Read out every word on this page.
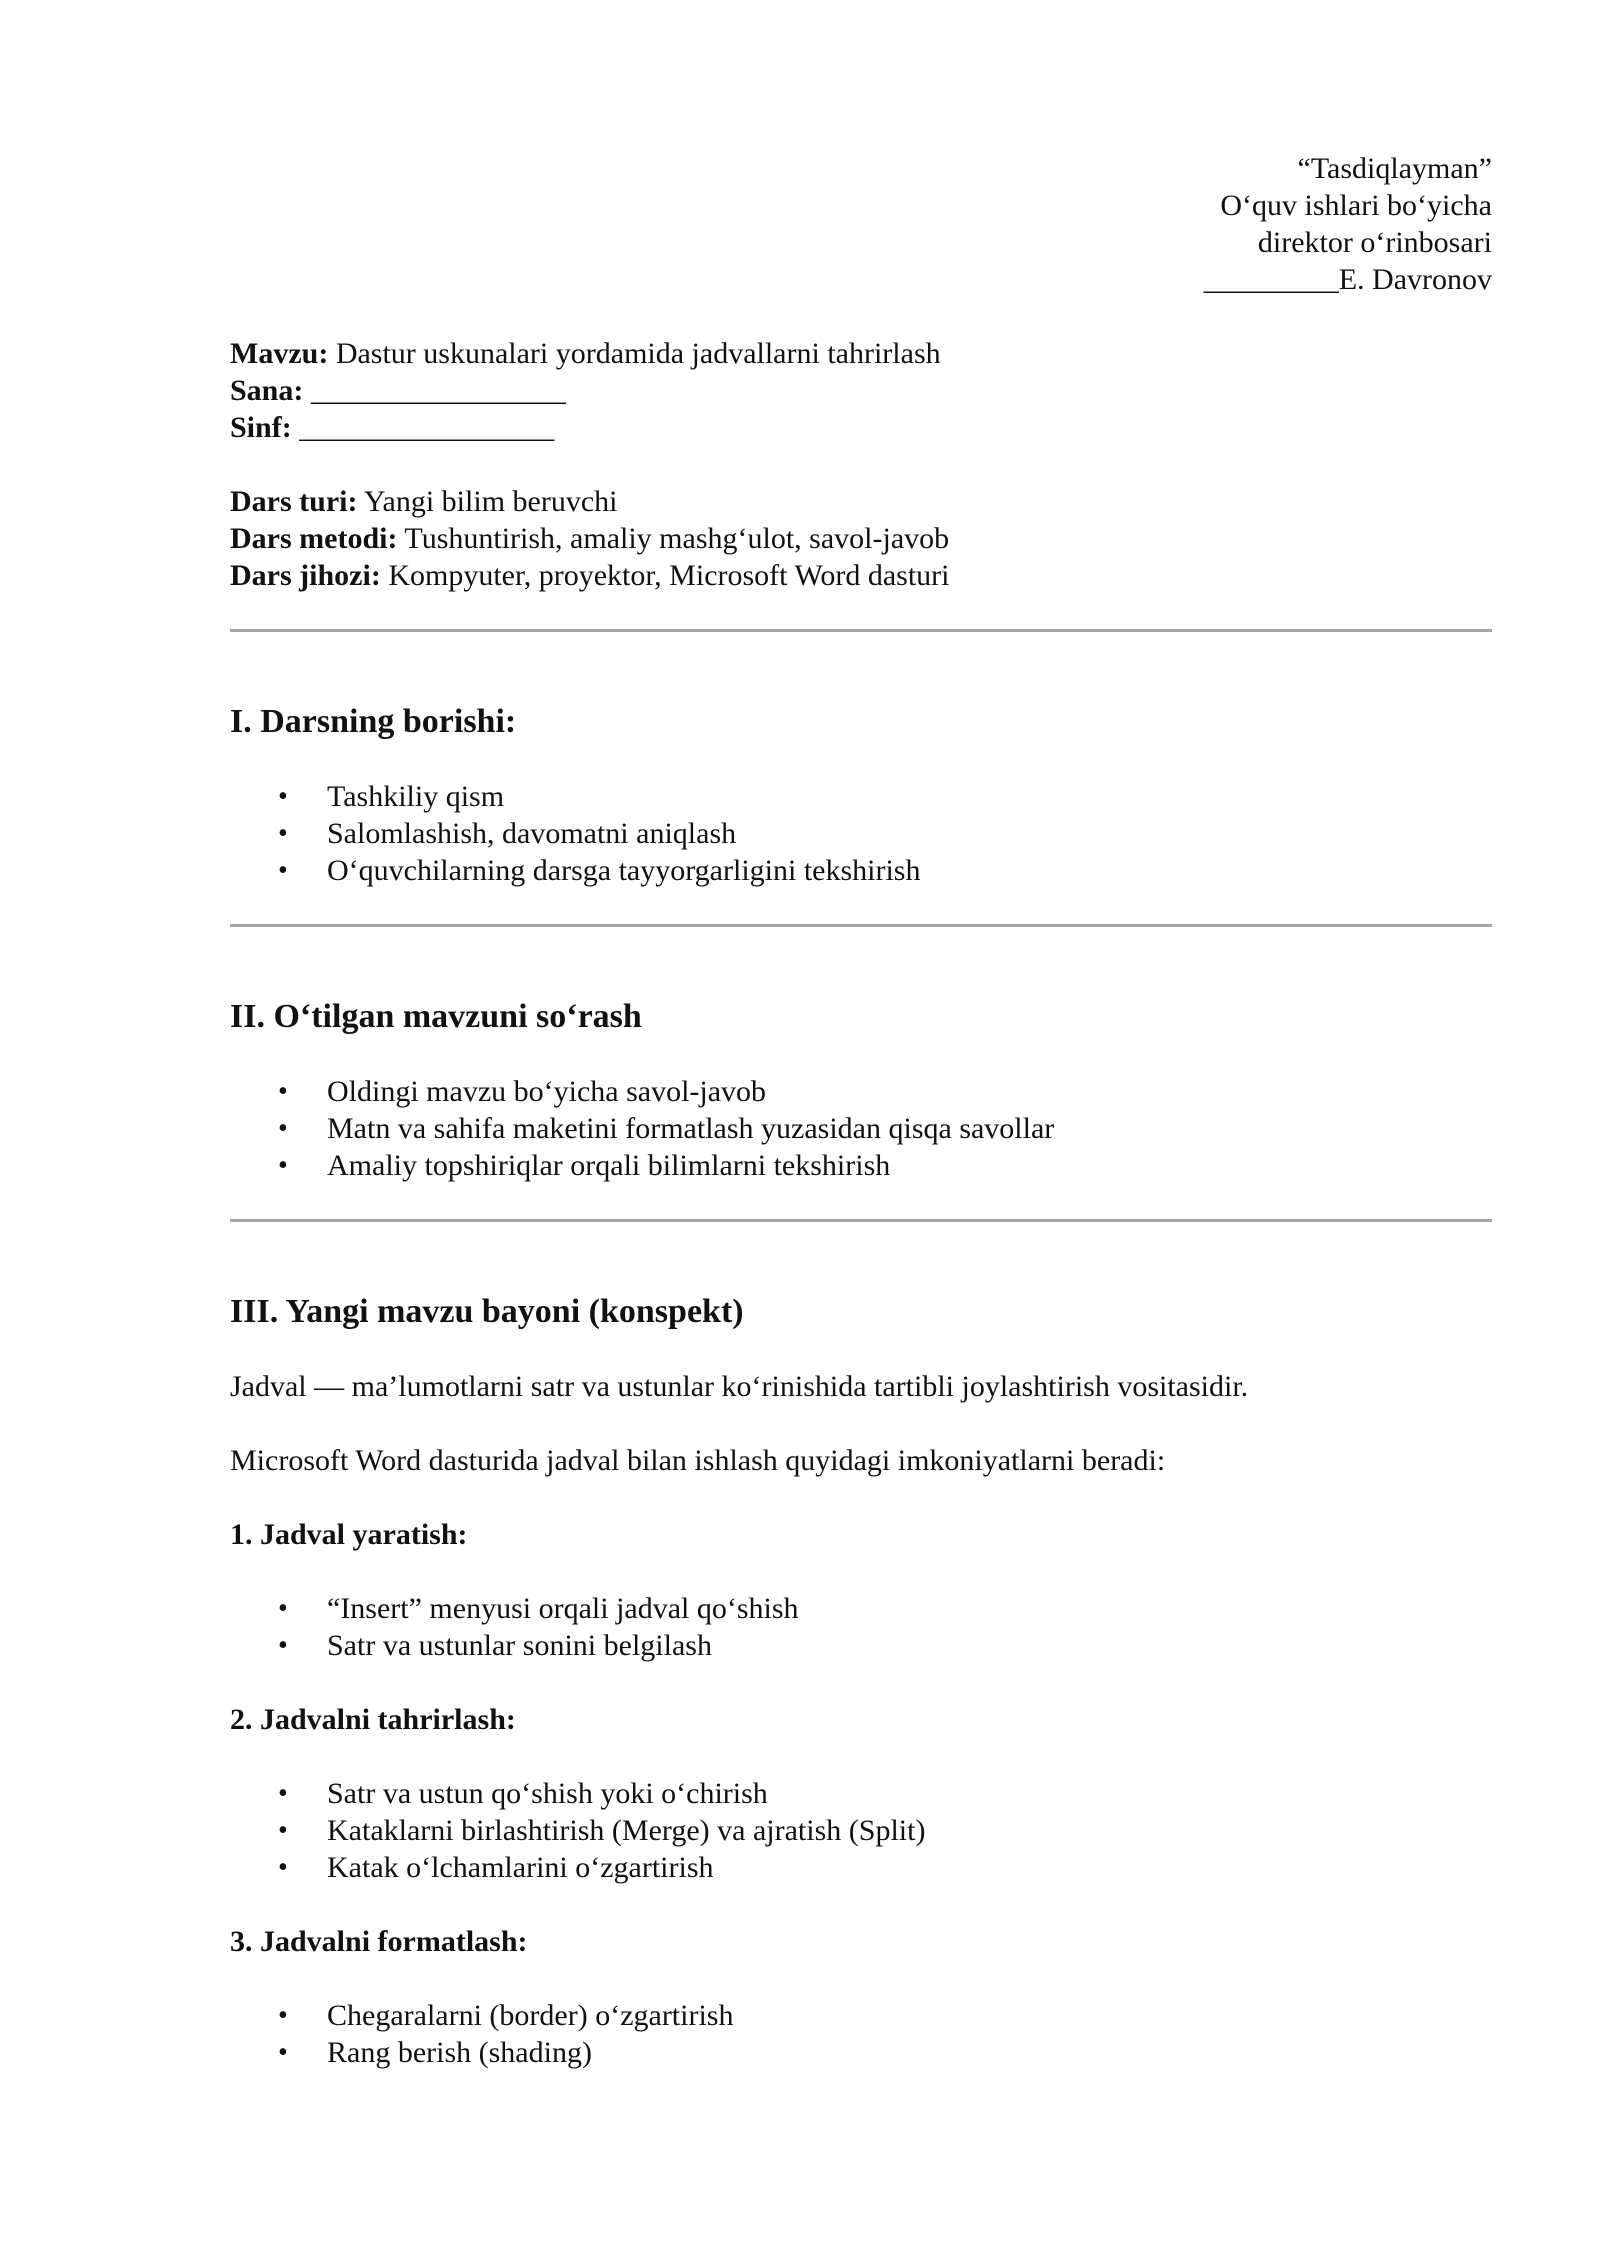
“Tasdiqlayman”
O‘quv ishlari bo‘yicha
direktor o‘rinbosari
_________E. Davronov
Mavzu: Dastur uskunalari yordamida jadvallarni tahrirlash
Sana: _________________
Sinf: _________________
Dars turi: Yangi bilim beruvchi
Dars metodi: Tushuntirish, amaliy mashg‘ulot, savol-javob
Dars jihozi: Kompyuter, proyektor, Microsoft Word dasturi
I. Darsning borishi:
• Tashkiliy qism
• Salomlashish, davomatni aniqlash
• O‘quvchilarning darsga tayyorgarligini tekshirish
II. O‘tilgan mavzuni so‘rash
• Oldingi mavzu bo‘yicha savol-javob
• Matn va sahifa maketini formatlash yuzasidan qisqa savollar
• Amaliy topshiriqlar orqali bilimlarni tekshirish
III. Yangi mavzu bayoni (konspekt)

Jadval — ma’lumotlarni satr va ustunlar ko‘rinishida tartibli joylashtirish vositasidir.

Microsoft Word dasturida jadval bilan ishlash quyidagi imkoniyatlarni beradi:

1. Jadval yaratish:
• “Insert” menyusi orqali jadval qo‘shish
• Satr va ustunlar sonini belgilash
2. Jadvalni tahrirlash:
• Satr va ustun qo‘shish yoki o‘chirish
• Kataklarni birlashtirish (Merge) va ajratish (Split)
• Katak o‘lchamlarini o‘zgartirish
3. Jadvalni formatlash:
• Chegaralarni (border) o‘zgartirish
• Rang berish (shading)
